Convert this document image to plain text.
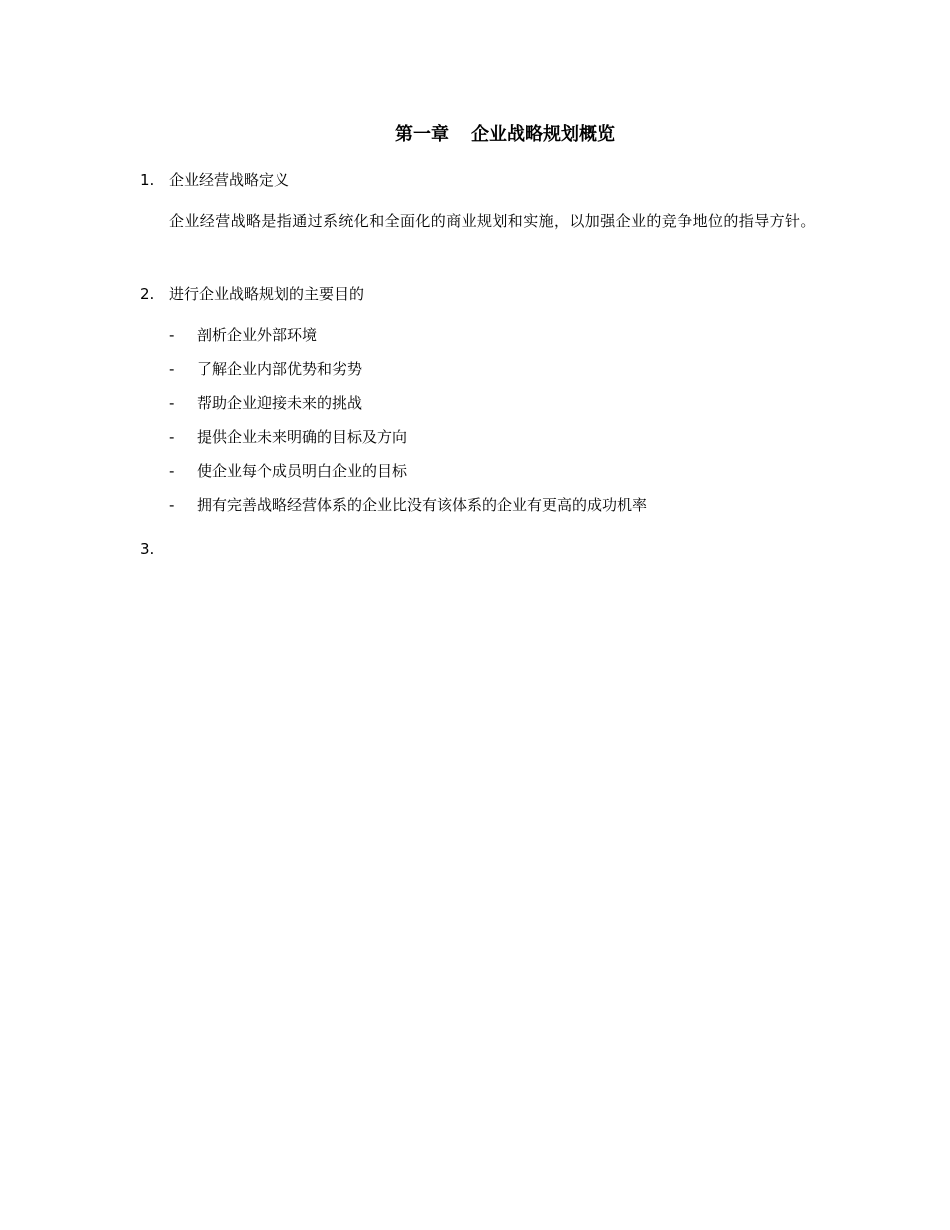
第一章 企业战略规划概览
1. 企业经营战略定义
企业经营战略是指通过系统化和全面化的商业规划和实施，以加强企业的竞争地位的指导方针。
2. 进行企业战略规划的主要目的
- 剖析企业外部环境
- 了解企业内部优势和劣势
- 帮助企业迎接未来的挑战
- 提供企业未来明确的目标及方向
- 使企业每个成员明白企业的目标
- 拥有完善战略经营体系的企业比没有该体系的企业有更高的成功机率
3.
